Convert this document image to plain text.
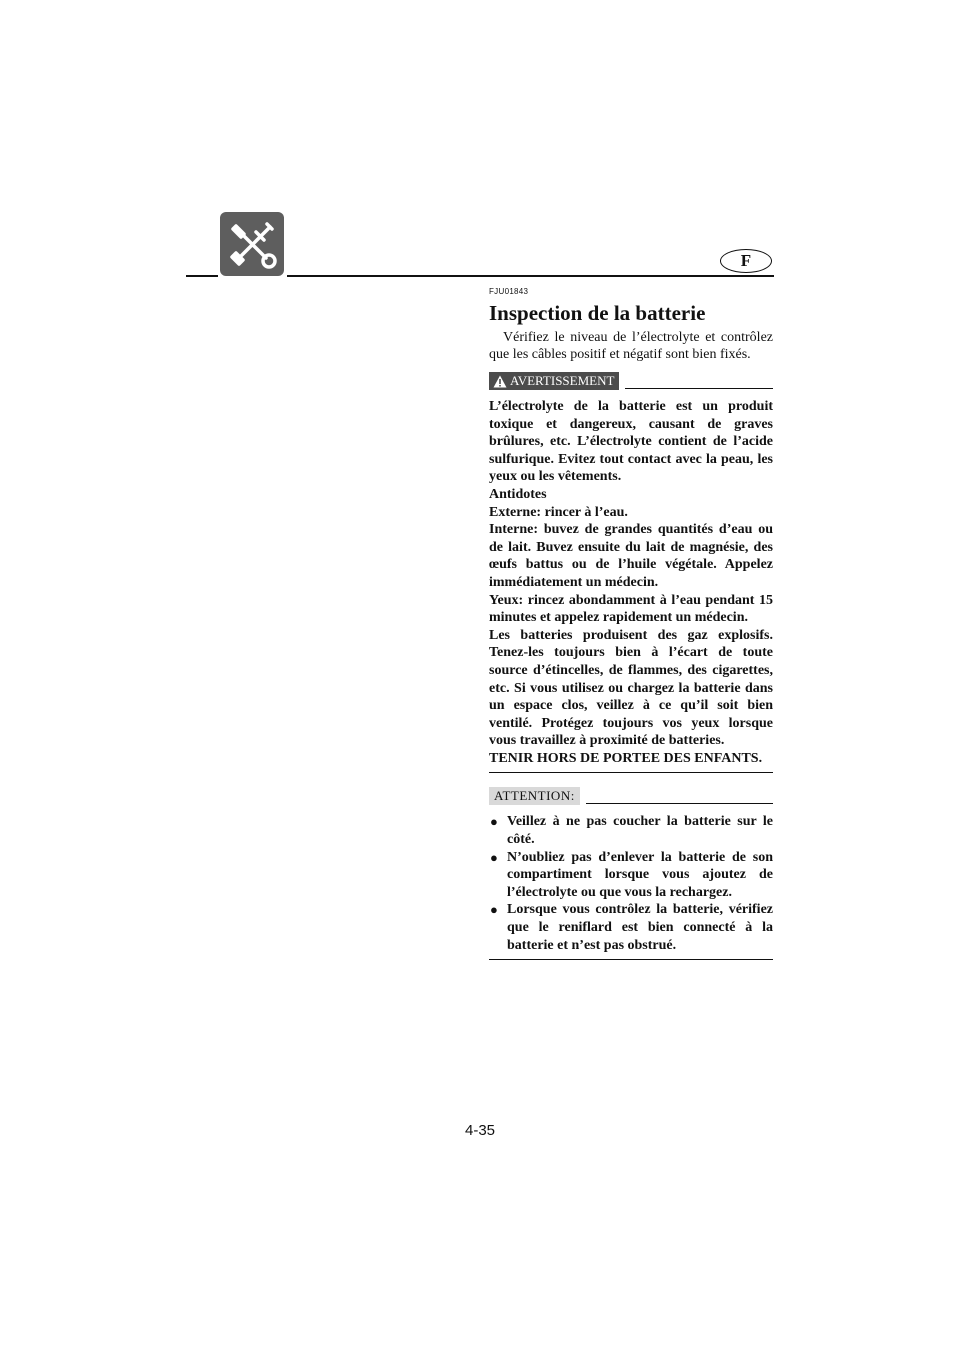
F
FJU01843
Inspection de la batterie
Vérifiez le niveau de l’électrolyte et contrôlez que les câbles positif et négatif sont bien fixés.
AVERTISSEMENT

L’électrolyte de la batterie est un produit toxique et dangereux, causant de graves brûlures, etc. L’électrolyte contient de l’acide sulfurique. Evitez tout contact avec la peau, les yeux ou les vêtements.

Antidotes

Externe: rincer à l’eau.

Interne: buvez de grandes quantités d’eau ou de lait. Buvez ensuite du lait de magnésie, des œufs battus ou de l’huile végétale. Appelez immédiatement un médecin.

Yeux: rincez abondamment à l’eau pendant 15 minutes et appelez rapidement un médecin.

Les batteries produisent des gaz explosifs. Tenez-les toujours bien à l’écart de toute source d’étincelles, de flammes, des cigarettes, etc. Si vous utilisez ou chargez la batterie dans un espace clos, veillez à ce qu’il soit bien ventilé. Protégez toujours vos yeux lorsque vous travaillez à proximité de batteries.

TENIR HORS DE PORTEE DES ENFANTS.

ATTENTION:
● Veillez à ne pas coucher la batterie sur le côté.
● N’oubliez pas d’enlever la batterie de son compartiment lorsque vous ajoutez de l’électrolyte ou que vous la rechargez.
● Lorsque vous contrôlez la batterie, vérifiez que le reniflard est bien connecté à la batterie et n’est pas obstrué.
4-35
